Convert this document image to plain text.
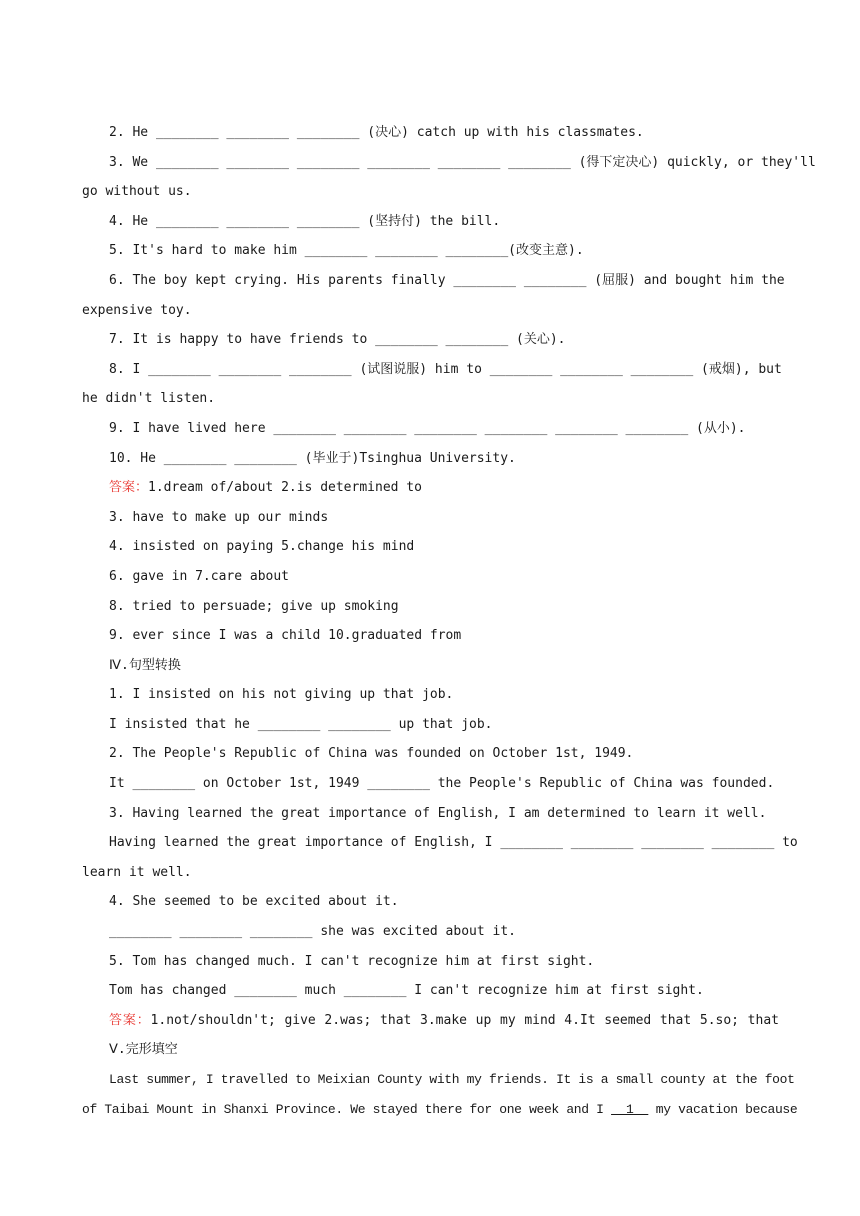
2. He ________ ________ ________ (决心) catch up with his classmates.
3. We ________ ________ ________ ________ ________ ________ (得下定决心) quickly, or they'll
go without us.
4. He ________ ________ ________ (坚持付) the bill.
5. It's hard to make him ________ ________ ________(改变主意).
6. The boy kept crying. His parents finally ________ ________ (屈服) and bought him the
expensive toy.
7. It is happy to have friends to ________ ________ (关心).
8. I ________ ________ ________ (试图说服) him to ________ ________ ________ (戒烟), but
he didn't listen.
9. I have lived here ________ ________ ________ ________ ________ ________ (从小).
10. He ________ ________ (毕业于)Tsinghua University.
答案：1.dream of/about 2.is determined to
3. have to make up our minds
4. insisted on paying 5.change his mind
6. gave in 7.care about
8. tried to persuade; give up smoking
9. ever since I was a child 10.graduated from
Ⅳ.句型转换
1. I insisted on his not giving up that job.
I insisted that he ________ ________ up that job.
2. The People's Republic of China was founded on October 1st, 1949.
It ________ on October 1st, 1949 ________ the People's Republic of China was founded.
3. Having learned the great importance of English, I am determined to learn it well.
Having learned the great importance of English, I ________ ________ ________ ________ to
learn it well.
4. She seemed to be excited about it.
________ ________ ________ she was excited about it.
5. Tom has changed much. I can't recognize him at first sight.
Tom has changed ________ much ________ I can't recognize him at first sight.
答案：1.not/shouldn't; give 2.was; that 3.make up my mind 4.It seemed that 5.so; that
Ⅴ.完形填空
Last summer, I travelled to Meixian County with my friends. It is a small county at the foot
of Taibai Mount in Shanxi Province. We stayed there for one week and I   1   my vacation because
